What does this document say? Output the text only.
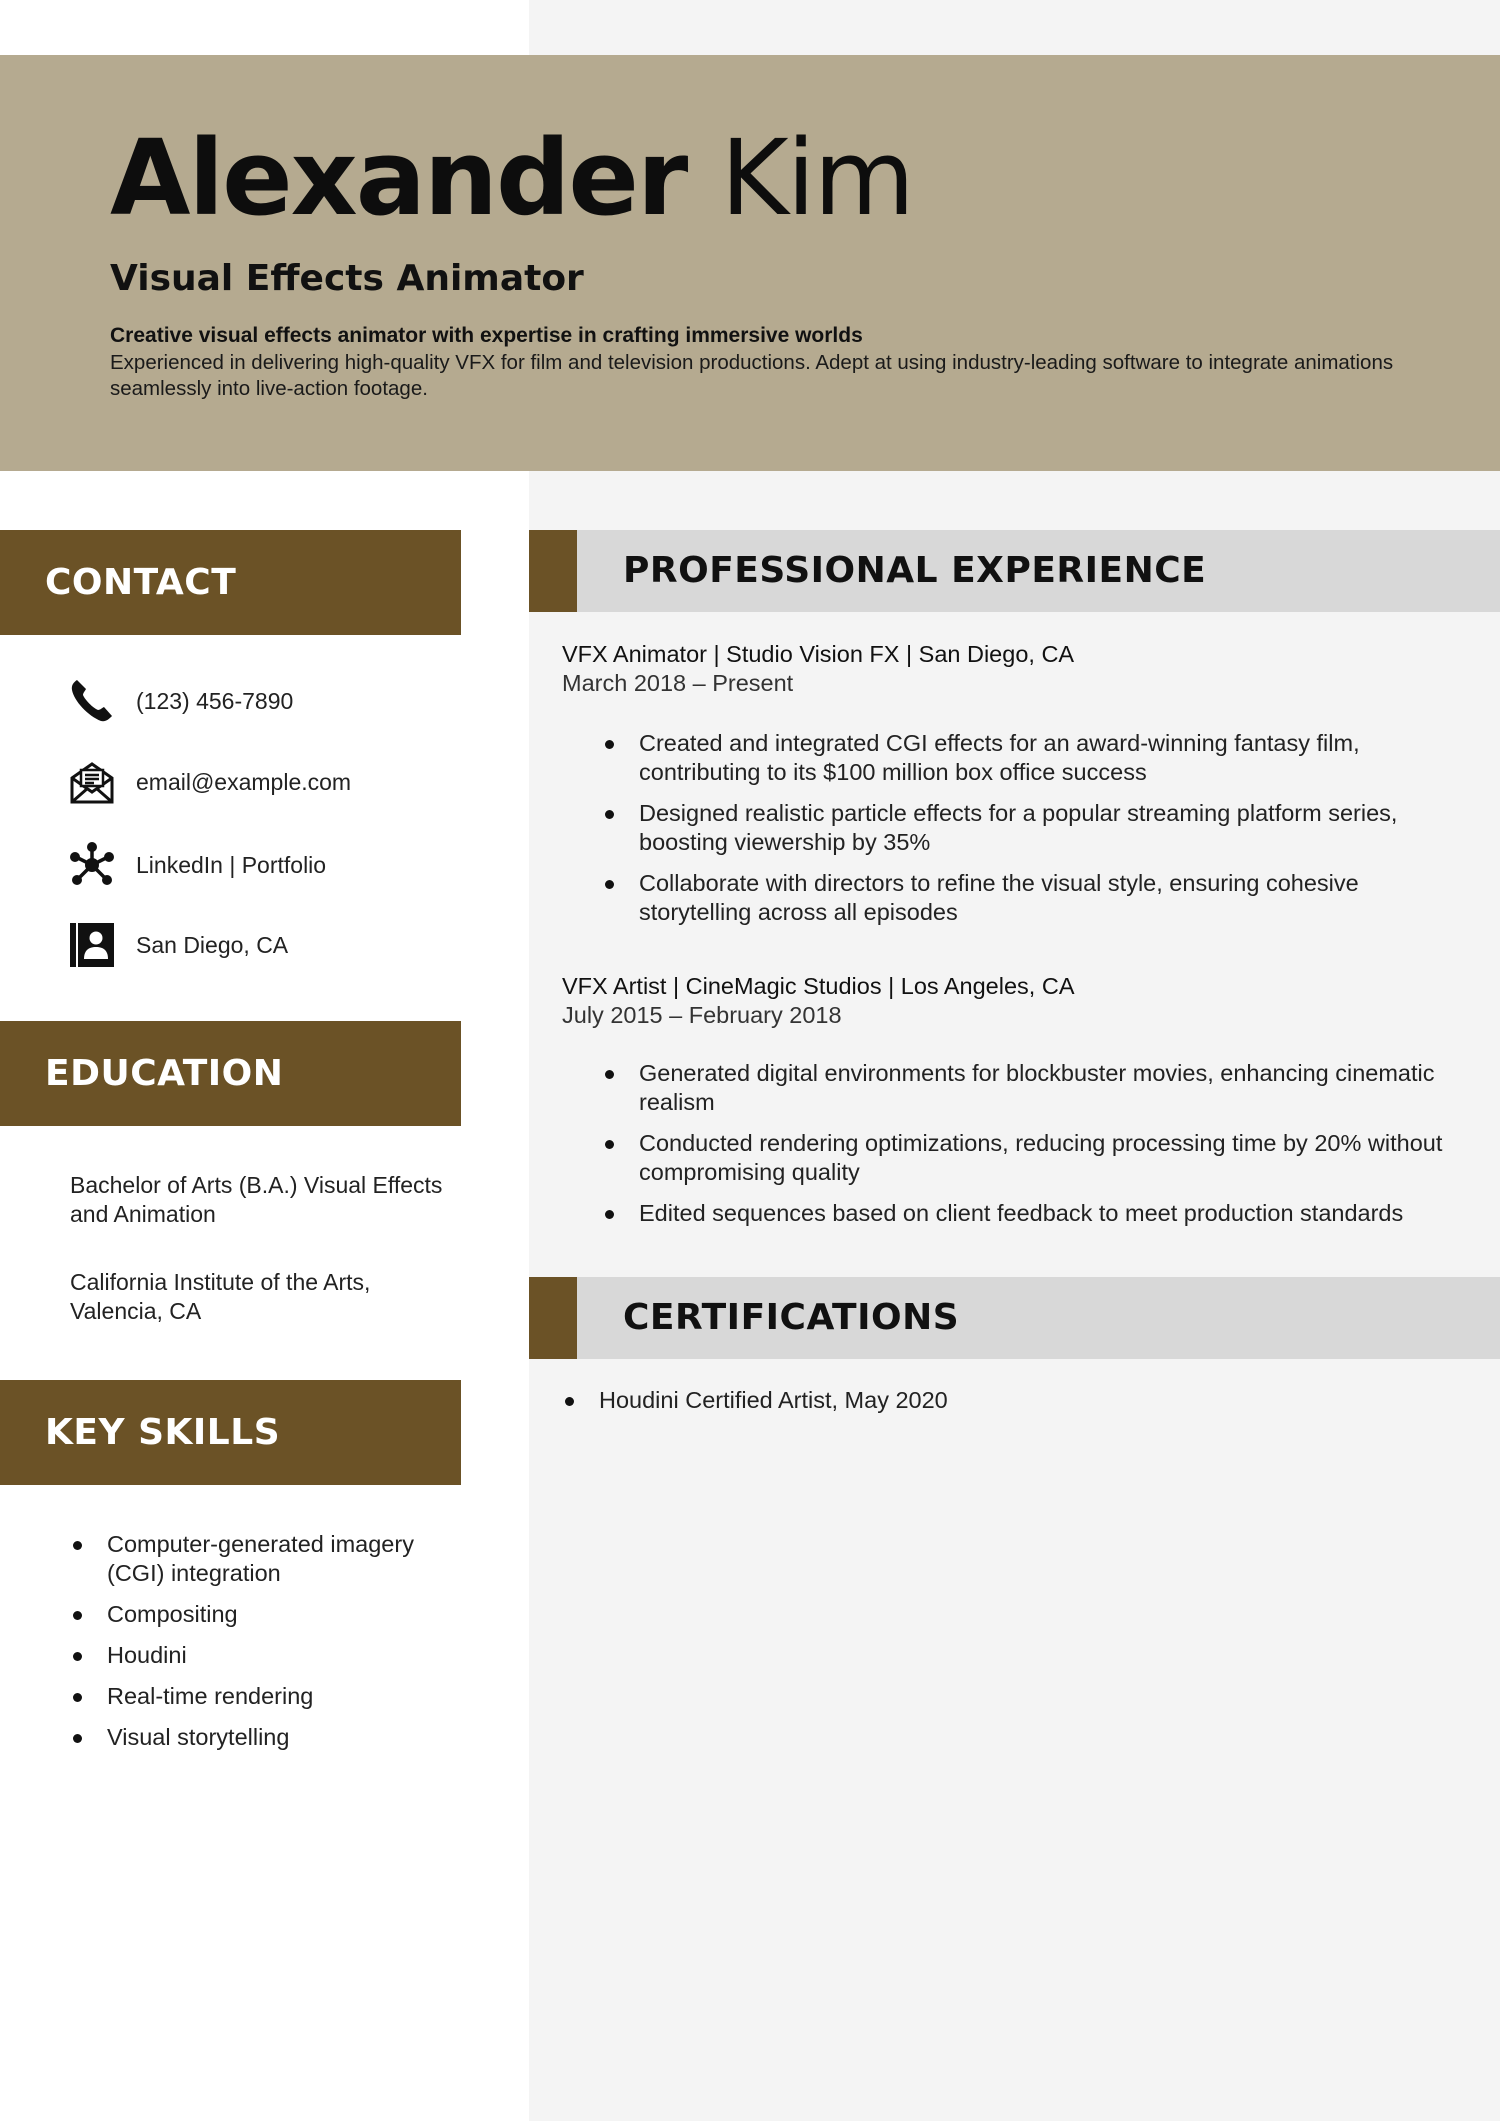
Alexander Kim
Visual Effects Animator
Creative visual effects animator with expertise in crafting immersive worlds
Experienced in delivering high-quality VFX for film and television productions. Adept at using industry-leading software to integrate animations seamlessly into live-action footage.
CONTACT
(123) 456-7890
email@example.com
LinkedIn | Portfolio
San Diego, CA
EDUCATION
Bachelor of Arts (B.A.) Visual Effects and Animation
California Institute of the Arts, Valencia, CA
KEY SKILLS
Computer-generated imagery (CGI) integration
Compositing
Houdini
Real-time rendering
Visual storytelling
PROFESSIONAL EXPERIENCE
VFX Animator | Studio Vision FX | San Diego, CA
March 2018 – Present
Created and integrated CGI effects for an award-winning fantasy film, contributing to its $100 million box office success
Designed realistic particle effects for a popular streaming platform series, boosting viewership by 35%
Collaborate with directors to refine the visual style, ensuring cohesive storytelling across all episodes
VFX Artist | CineMagic Studios | Los Angeles, CA
July 2015 – February 2018
Generated digital environments for blockbuster movies, enhancing cinematic realism
Conducted rendering optimizations, reducing processing time by 20% without compromising quality
Edited sequences based on client feedback to meet production standards
CERTIFICATIONS
Houdini Certified Artist, May 2020
